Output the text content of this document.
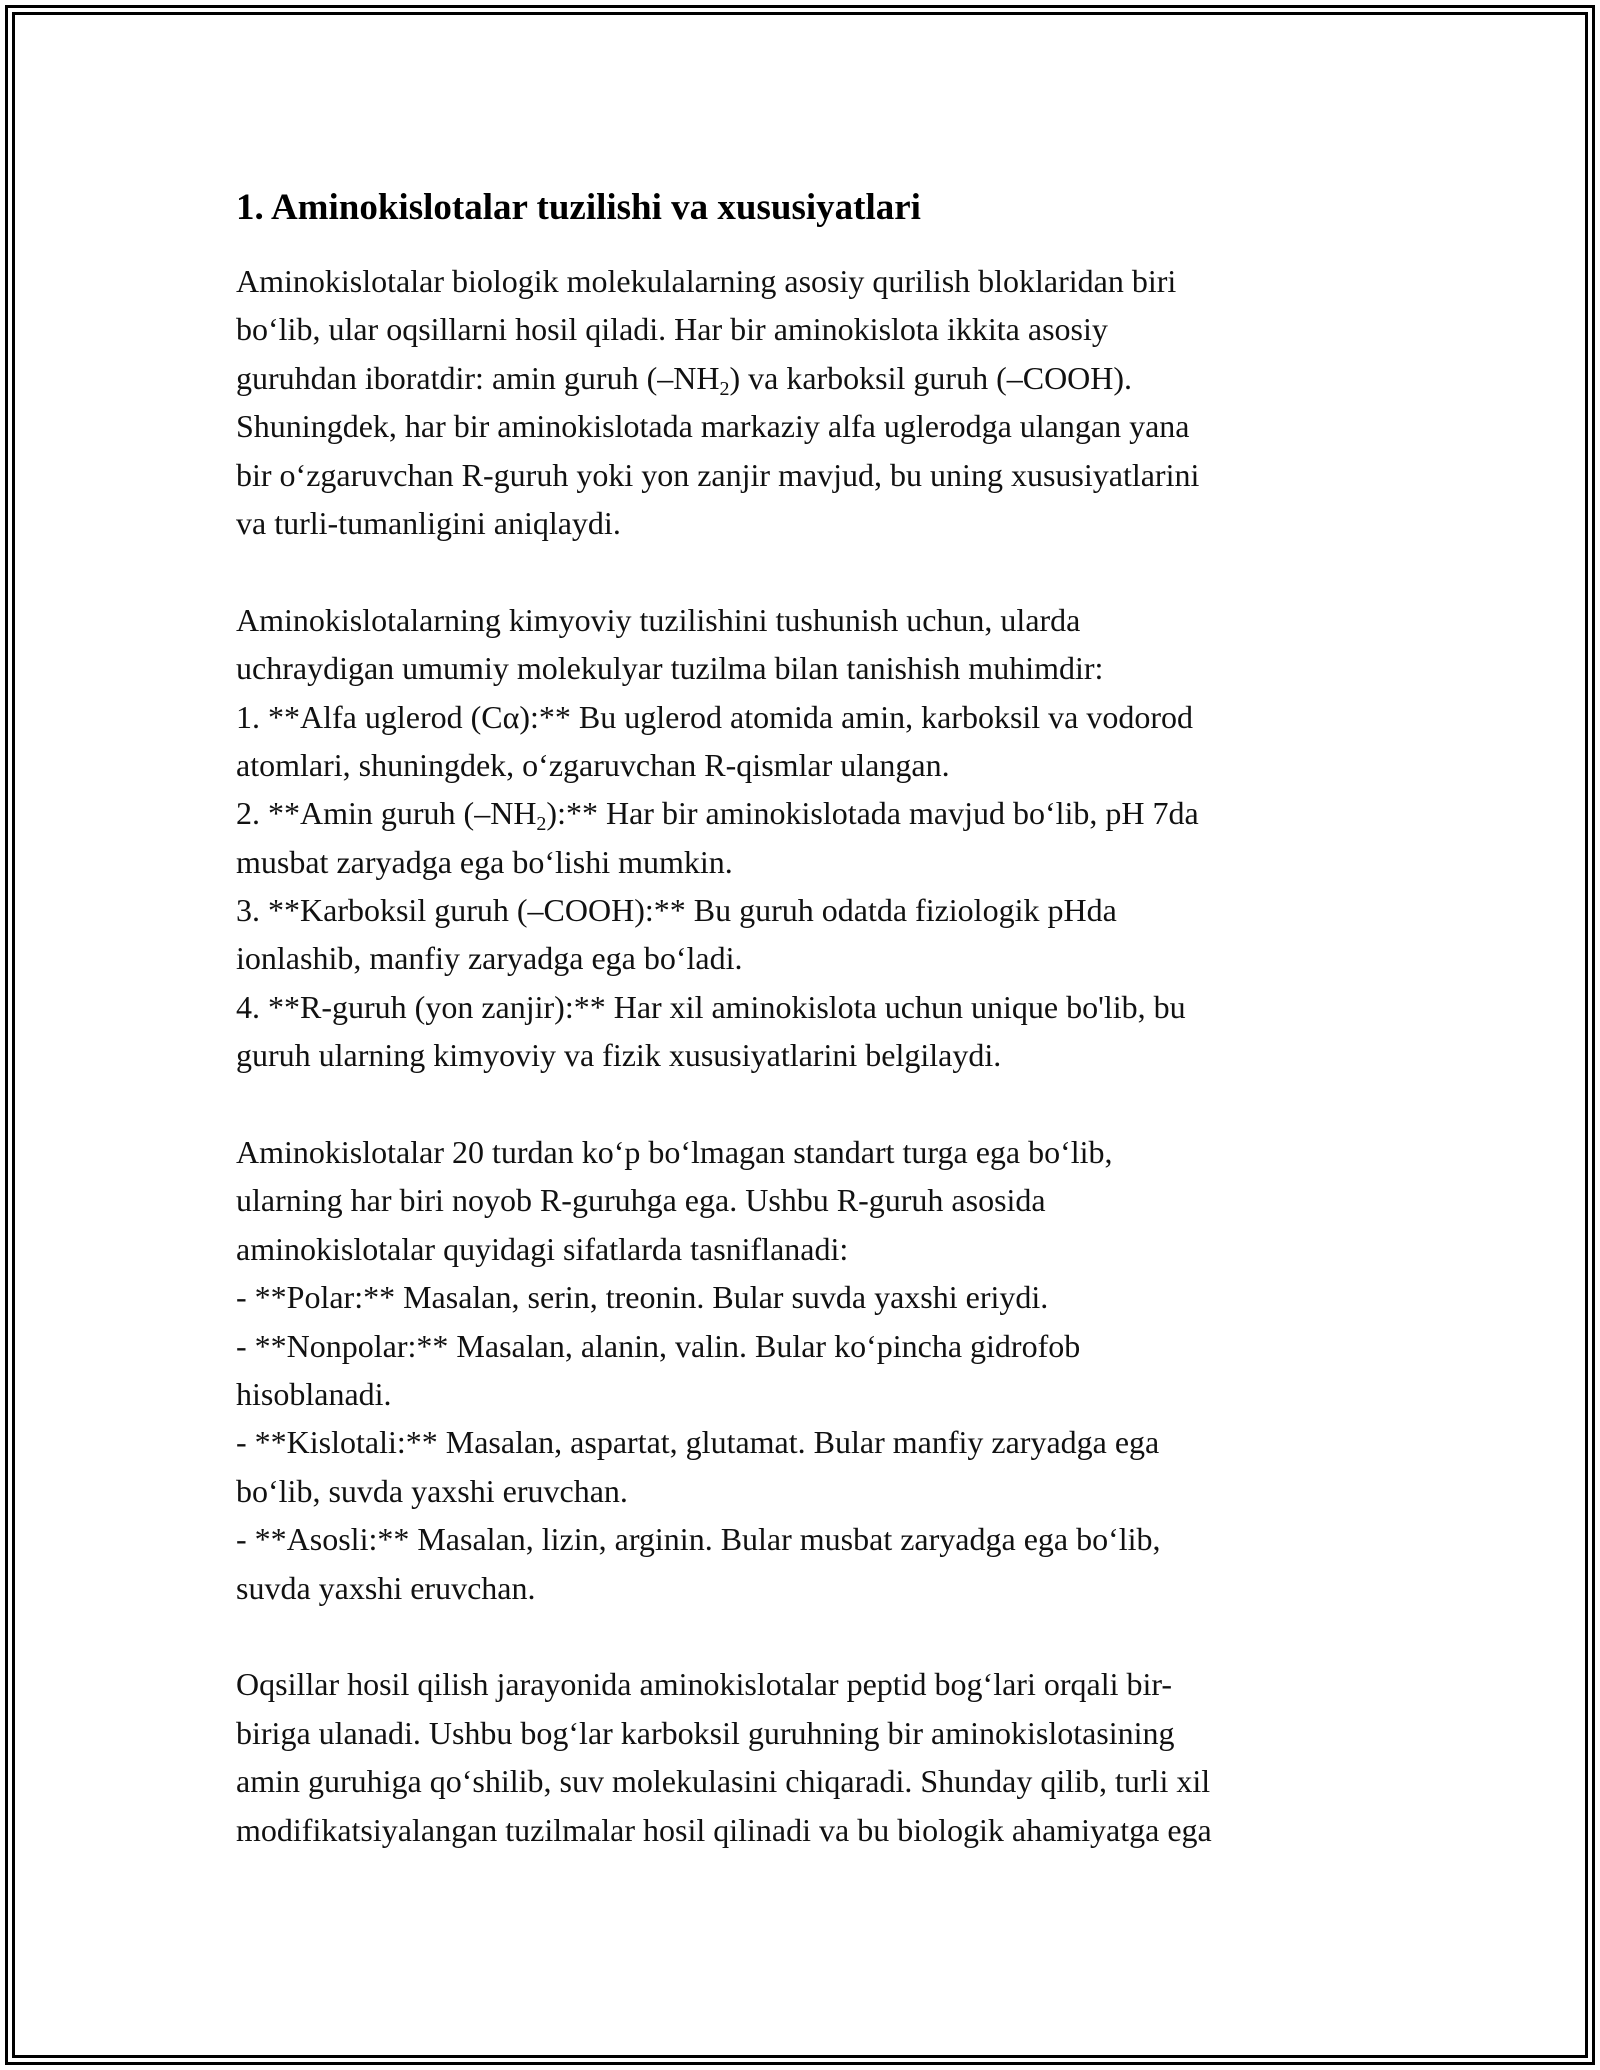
1. Aminokislotalar tuzilishi va xususiyatlari
Aminokislotalar biologik molekulalarning asosiy qurilish bloklaridan biri
bo‘lib, ular oqsillarni hosil qiladi. Har bir aminokislota ikkita asosiy
guruhdan iboratdir: amin guruh $(-NH_2)$ va karboksil guruh (–COOH).
Shuningdek, har bir aminokislotada markaziy alfa uglerodga ulangan yana
bir o‘zgaruvchan R-guruh yoki yon zanjir mavjud, bu uning xususiyatlarini
va turli-tumanligini aniqlaydi.
Aminokislotalarning kimyoviy tuzilishini tushunish uchun, ularda
uchraydigan umumiy molekulyar tuzilma bilan tanishish muhimdir:
1. **Alfa uglerod (Cα):** Bu uglerod atomida amin, karboksil va vodorod
atomlari, shuningdek, o‘zgaruvchan R-qismlar ulangan.
2. **Amin guruh $(-NH_2):**$ Har bir aminokislotada mavjud bo‘lib, pH 7da
musbat zaryadga ega bo‘lishi mumkin.
3. **Karboksil guruh (–COOH):** Bu guruh odatda fiziologik pHda
ionlashib, manfiy zaryadga ega bo‘ladi.
4. **R-guruh (yon zanjir):** Har xil aminokislota uchun unique bo'lib, bu
guruh ularning kimyoviy va fizik xususiyatlarini belgilaydi.
Aminokislotalar 20 turdan ko‘p bo‘lmagan standart turga ega bo‘lib,
ularning har biri noyob R-guruhga ega. Ushbu R-guruh asosida
aminokislotalar quyidagi sifatlarda tasniflanadi:
- **Polar:** Masalan, serin, treonin. Bular suvda yaxshi eriydi.
- **Nonpolar:** Masalan, alanin, valin. Bular ko‘pincha gidrofob
hisoblanadi.
- **Kislotali:** Masalan, aspartat, glutamat. Bular manfiy zaryadga ega
bo‘lib, suvda yaxshi eruvchan.
- **Asosli:** Masalan, lizin, arginin. Bular musbat zaryadga ega bo‘lib,
suvda yaxshi eruvchan.
Oqsillar hosil qilish jarayonida aminokislotalar peptid bog‘lari orqali bir-
biriga ulanadi. Ushbu bog‘lar karboksil guruhning bir aminokislotasining
amin guruhiga qo‘shilib, suv molekulasini chiqaradi. Shunday qilib, turli xil
modifikatsiyalangan tuzilmalar hosil qilinadi va bu biologik ahamiyatga ega
